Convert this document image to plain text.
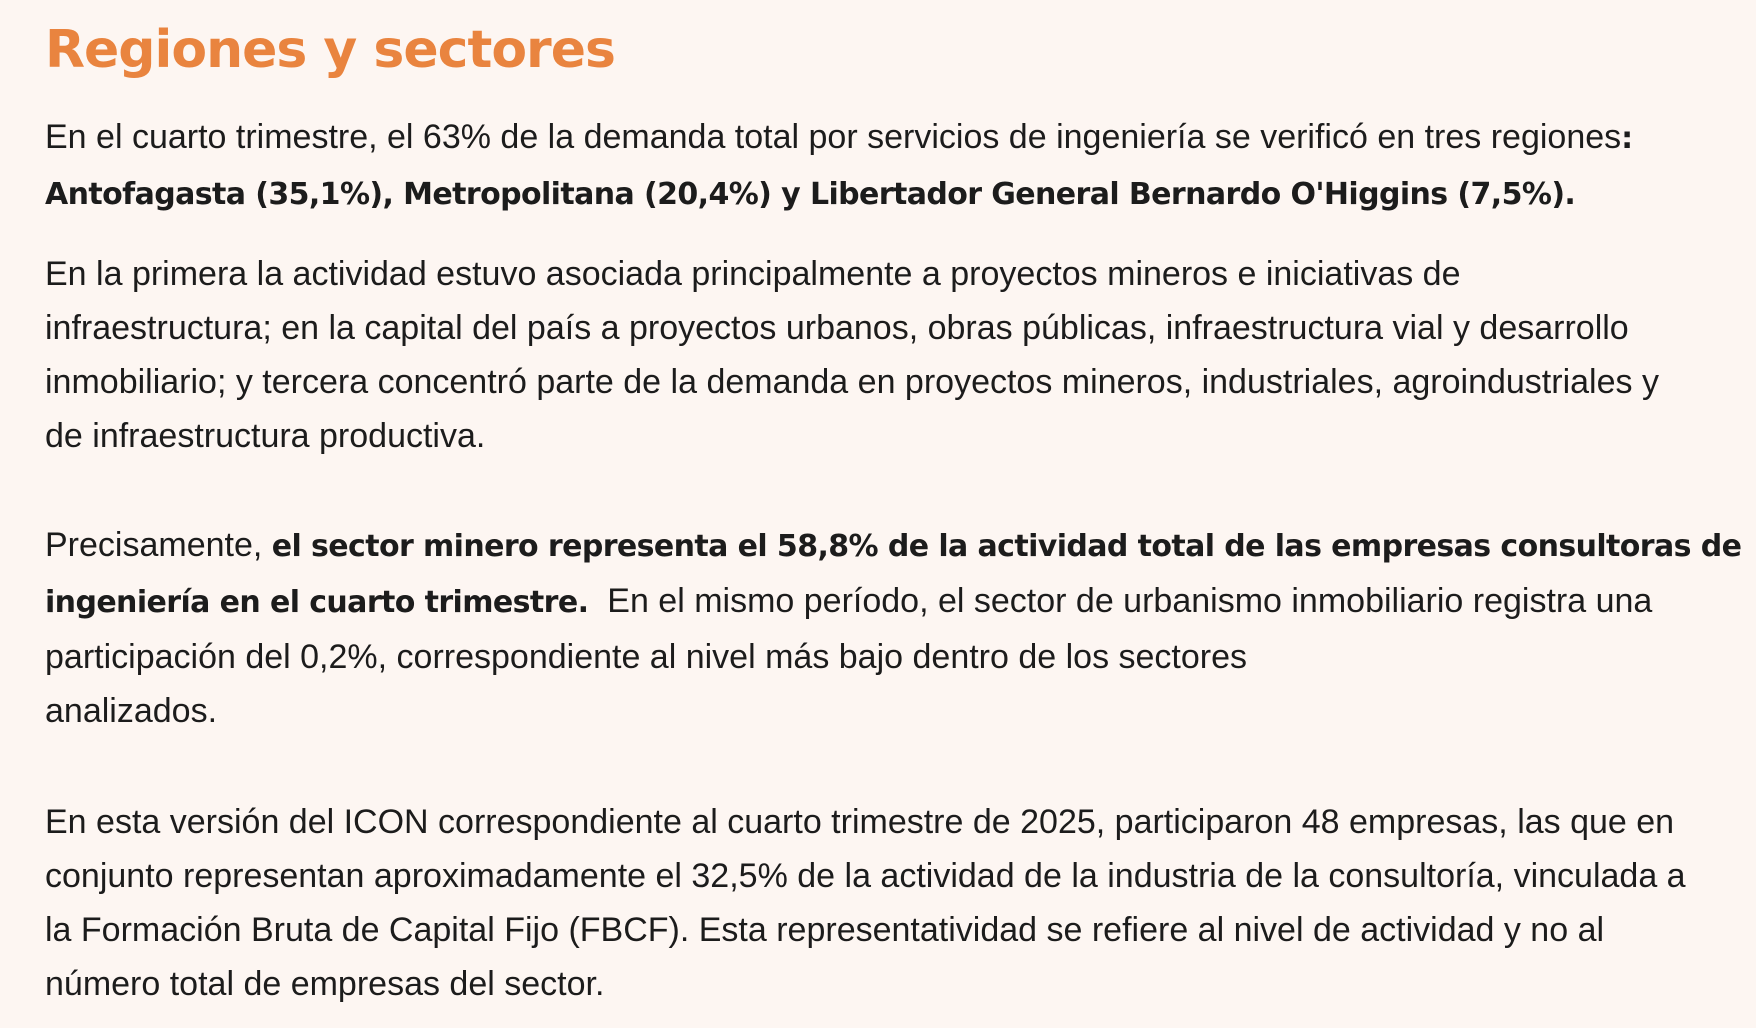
Regiones y sectores

En el cuarto trimestre, el 63% de la demanda total por servicios de ingeniería se verificó en tres regiones:
Antofagasta (35,1%), Metropolitana (20,4%) y Libertador General Bernardo O'Higgins (7,5%).

En la primera la actividad estuvo asociada principalmente a proyectos mineros e iniciativas de
infraestructura; en la capital del país a proyectos urbanos, obras públicas, infraestructura vial y desarrollo
inmobiliario; y tercera concentró parte de la demanda en proyectos mineros, industriales, agroindustriales y
de infraestructura productiva.

Precisamente, el sector minero representa el 58,8% de la actividad total de las empresas consultoras de
ingeniería en el cuarto trimestre.  En el mismo período, el sector de urbanismo inmobiliario registra una
participación del 0,2%, correspondiente al nivel más bajo dentro de los sectores
analizados.

En esta versión del ICON correspondiente al cuarto trimestre de 2025, participaron 48 empresas, las que en
conjunto representan aproximadamente el 32,5% de la actividad de la industria de la consultoría, vinculada a
la Formación Bruta de Capital Fijo (FBCF). Esta representatividad se refiere al nivel de actividad y no al
número total de empresas del sector.
